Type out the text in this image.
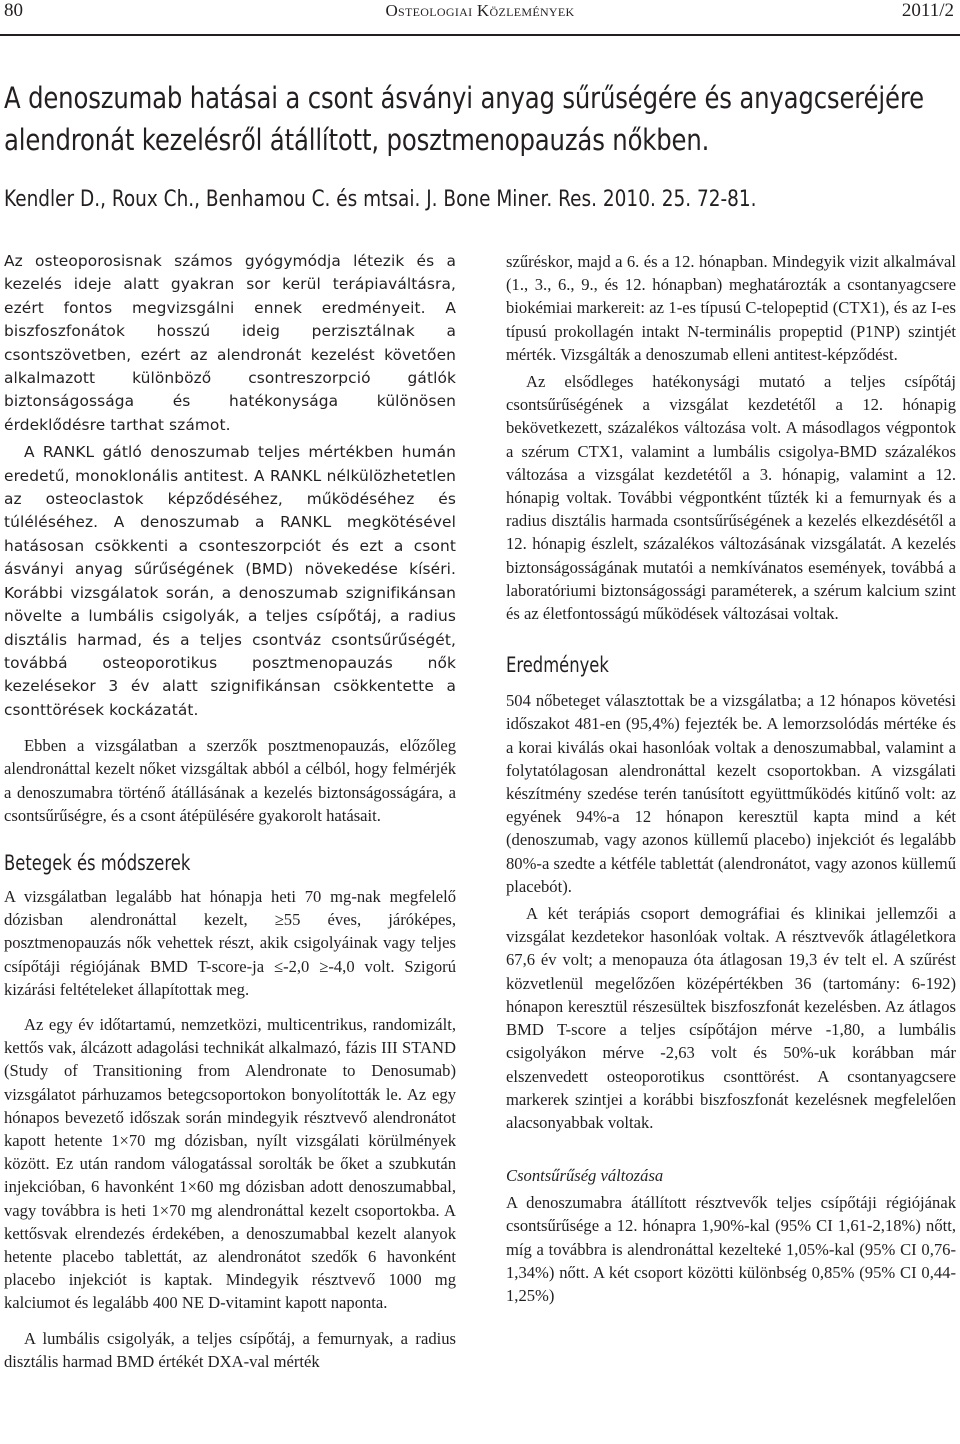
80	Osteologiai Közlemények	2011/2
A denoszumab hatásai a csont ásványi anyag sűrűségére és anyagcseréjére
alendronát kezelésről átállított, posztmenopauzás nőkben.

Kendler D., Roux Ch., Benhamou C. és mtsai. J. Bone Miner. Res. 2010. 25. 72-81.

Az osteoporosisnak számos gyógymódja létezik és a kezelés ideje alatt gyakran sor kerül terápiaváltásra, ezért fontos megvizsgálni ennek eredményeit. A biszfoszfonátok hosszú ideig perzisztálnak a csontszövetben, ezért az alendronát kezelést követően alkalmazott különböző csontreszorpció gátlók biztonságossága és hatékonysága különösen érdeklődésre tarthat számot.

A RANKL gátló denoszumab teljes mértékben humán eredetű, monoklonális antitest. A RANKL nélkülözhetetlen az osteoclastok képződéséhez, működéséhez és túléléséhez. A denoszumab a RANKL megkötésével hatásosan csökkenti a csonteszorpciót és ezt a csont ásványi anyag sűrűségének (BMD) növekedése kíséri. Korábbi vizsgálatok során, a denoszumab szignifikánsan növelte a lumbális csigolyák, a teljes csípőtáj, a radius disztális harmad, és a teljes csontváz csontsűrűségét, továbbá osteoporotikus posztmenopauzás nők kezelésekor 3 év alatt szignifikánsan csökkentette a csonttörések kockázatát.

Ebben a vizsgálatban a szerzők posztmenopauzás, előzőleg alendronáttal kezelt nőket vizsgáltak abból a célból, hogy felmérjék a denoszumabra történő átállásának a kezelés biztonságosságára, a csontsűrűségre, és a csont átépülésére gyakorolt hatásait.

Betegek és módszerek

A vizsgálatban legalább hat hónapja heti 70 mg-nak megfelelő dózisban alendronáttal kezelt, ≥55 éves, járóképes, posztmenopauzás nők vehettek részt, akik csigolyáinak vagy teljes csípőtáji régiójának BMD T-score-ja ≤-2,0 ≥-4,0 volt. Szigorú kizárási feltételeket állapítottak meg.

Az egy év időtartamú, nemzetközi, multicentrikus, randomizált, kettős vak, álcázott adagolási technikát alkalmazó, fázis III STAND (Study of Transitioning from Alendronate to Denosumab) vizsgálatot párhuzamos betegcsoportokon bonyolították le. Az egy hónapos bevezető időszak során mindegyik résztvevő alendronátot kapott hetente 1×70 mg dózisban, nyílt vizsgálati körülmények között. Ez után random válogatással sorolták be őket a szubkután injekcióban, 6 havonként 1×60 mg dózisban adott denoszumabbal, vagy továbbra is heti 1×70 mg alendronáttal kezelt csoportokba. A kettősvak elrendezés érdekében, a denoszumabbal kezelt alanyok hetente placebo tablettát, az alendronátot szedők 6 havonként placebo injekciót is kaptak. Mindegyik résztvevő 1000 mg kalciumot és legalább 400 NE D-vitamint kapott naponta.

A lumbális csigolyák, a teljes csípőtáj, a femurnyak, a radius disztális harmad BMD értékét DXA-val mérték

szűréskor, majd a 6. és a 12. hónapban. Mindegyik vizit alkalmával (1., 3., 6., 9., és 12. hónapban) meghatározták a csontanyagcsere biokémiai markereit: az 1-es típusú C-telopeptid (CTX1), és az I-es típusú prokollagén intakt N-terminális propeptid (P1NP) szintjét mérték. Vizsgálták a denoszumab elleni antitest-képződést.

Az elsődleges hatékonysági mutató a teljes csípőtáj csontsűrűségének a vizsgálat kezdetétől a 12. hónapig bekövetkezett, százalékos változása volt. A másodlagos végpontok a szérum CTX1, valamint a lumbális csigolya-BMD százalékos változása a vizsgálat kezdetétől a 3. hónapig, valamint a 12. hónapig voltak. További végpontként tűzték ki a femurnyak és a radius disztális harmada csontsűrűségének a kezelés elkezdésétől a 12. hónapig észlelt, százalékos változásának vizsgálatát. A kezelés biztonságosságának mutatói a nemkívánatos események, továbbá a laboratóriumi biztonságossági paraméterek, a szérum kalcium szint és az életfontosságú működések változásai voltak.

Eredmények

504 nőbeteget választottak be a vizsgálatba; a 12 hónapos követési időszakot 481-en (95,4%) fejezték be. A lemorzsolódás mértéke és a korai kiválás okai hasonlóak voltak a denoszumabbal, valamint a folytatólagosan alendronáttal kezelt csoportokban. A vizsgálati készítmény szedése terén tanúsított együttműködés kitűnő volt: az egyének 94%-a 12 hónapon keresztül kapta mind a két (denoszumab, vagy azonos küllemű placebo) injekciót és legalább 80%-a szedte a kétféle tablettát (alendronátot, vagy azonos küllemű placebót).

A két terápiás csoport demográfiai és klinikai jellemzői a vizsgálat kezdetekor hasonlóak voltak. A résztvevők átlagéletkora 67,6 év volt; a menopauza óta átlagosan 19,3 év telt el. A szűrést közvetlenül megelőzően középértékben 36 (tartomány: 6-192) hónapon keresztül részesültek biszfoszfonát kezelésben. Az átlagos BMD T-score a teljes csípőtájon mérve -1,80, a lumbális csigolyákon mérve -2,63 volt és 50%-uk korábban már elszenvedett osteoporotikus csonttörést. A csontanyagcsere markerek szintjei a korábbi biszfoszfonát kezelésnek megfelelően alacsonyabbak voltak.

Csontsűrűség változása

A denoszumabra átállított résztvevők teljes csípőtáji régiójának csontsűrűsége a 12. hónapra 1,90%-kal (95% CI 1,61-2,18%) nőtt, míg a továbbra is alendronáttal kezelteké 1,05%-kal (95% CI 0,76-1,34%) nőtt. A két csoport közötti különbség 0,85% (95% CI 0,44-1,25%)
